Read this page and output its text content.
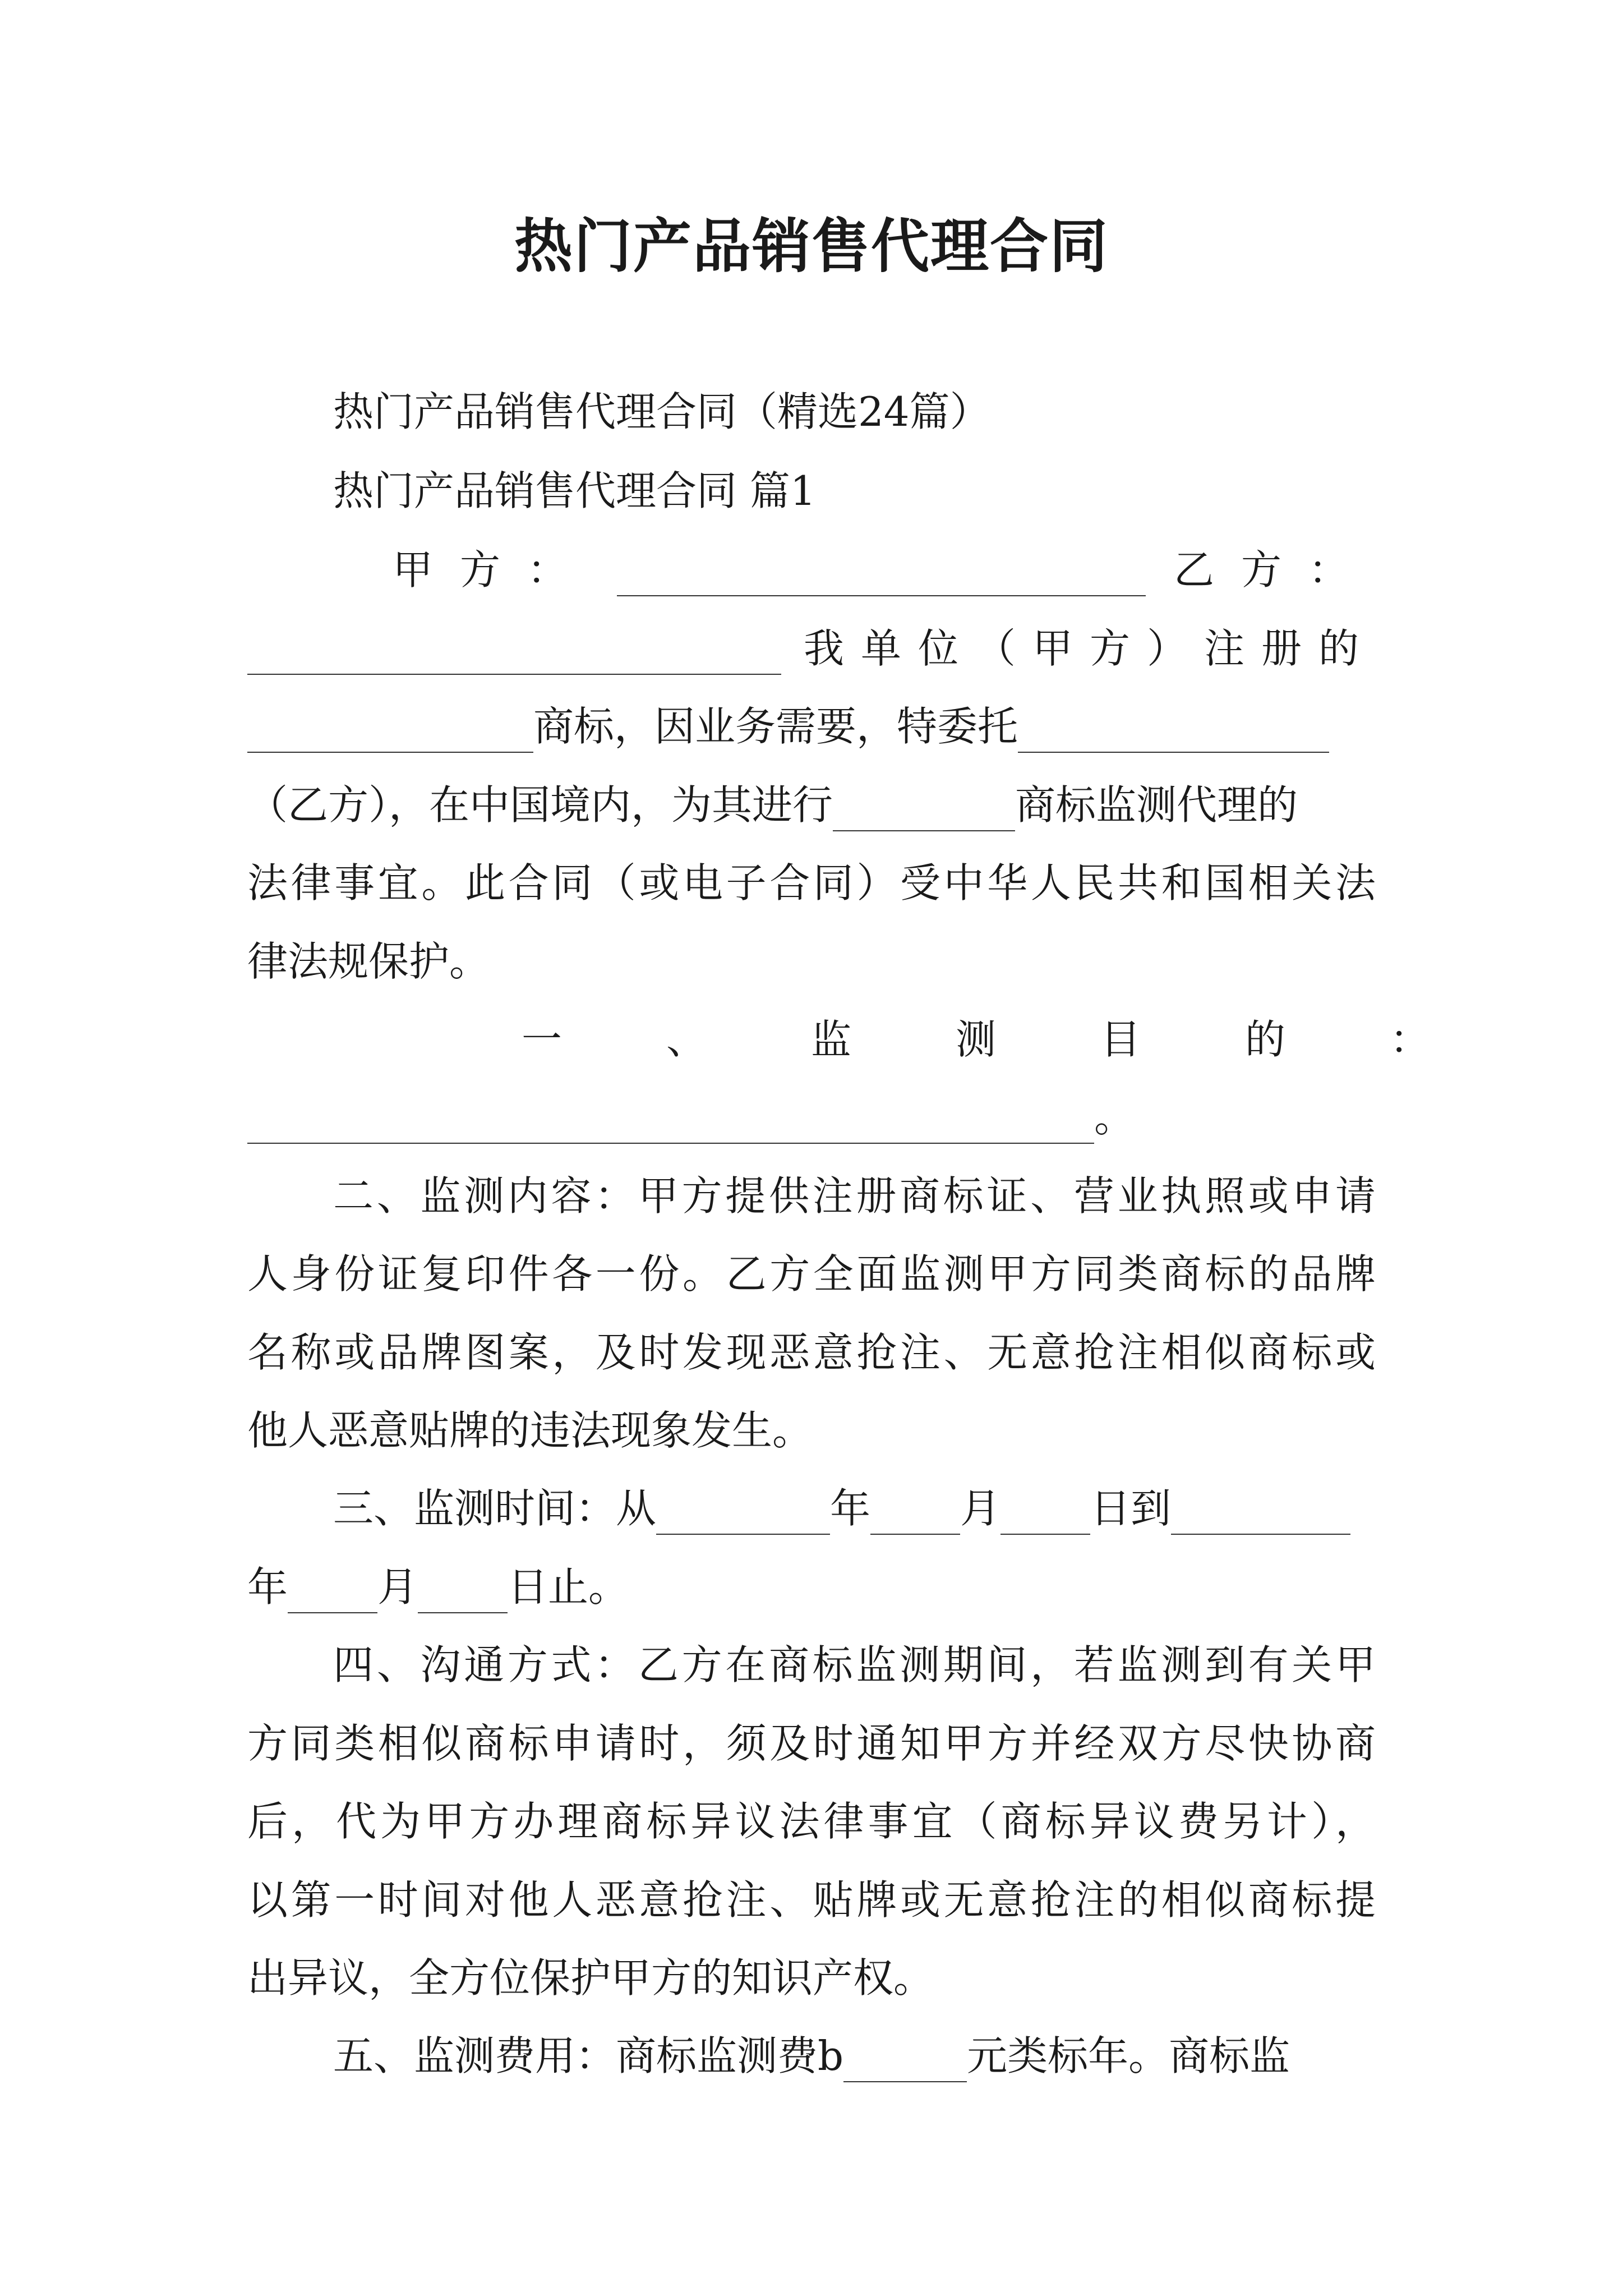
热门产品销售代理合同
热门产品销售代理合同（精选24篇）
热门产品销售代理合同 篇1
甲方：	乙方：
我单位（甲方）注册的
商标，因业务需要，特委托
（乙方），在中国境内，为其进行	商标监测代理的
法律事宜。此合同（或电子合同）受中华人民共和国相关法
律法规保护。
一、监测目的：
。
二、监测内容：甲方提供注册商标证、营业执照或申请
人身份证复印件各一份。乙方全面监测甲方同类商标的品牌
名称或品牌图案，及时发现恶意抢注、无意抢注相似商标或
他人恶意贴牌的违法现象发生。
三、监测时间：从	年 月 日到
年 月 日止。
四、沟通方式：乙方在商标监测期间，若监测到有关甲
方同类相似商标申请时，须及时通知甲方并经双方尽快协商
后，代为甲方办理商标异议法律事宜（商标异议费另计），
以第一时间对他人恶意抢注、贴牌或无意抢注的相似商标提
出异议，全方位保护甲方的知识产权。
五、监测费用：商标监测费b	元类标年。商标监
